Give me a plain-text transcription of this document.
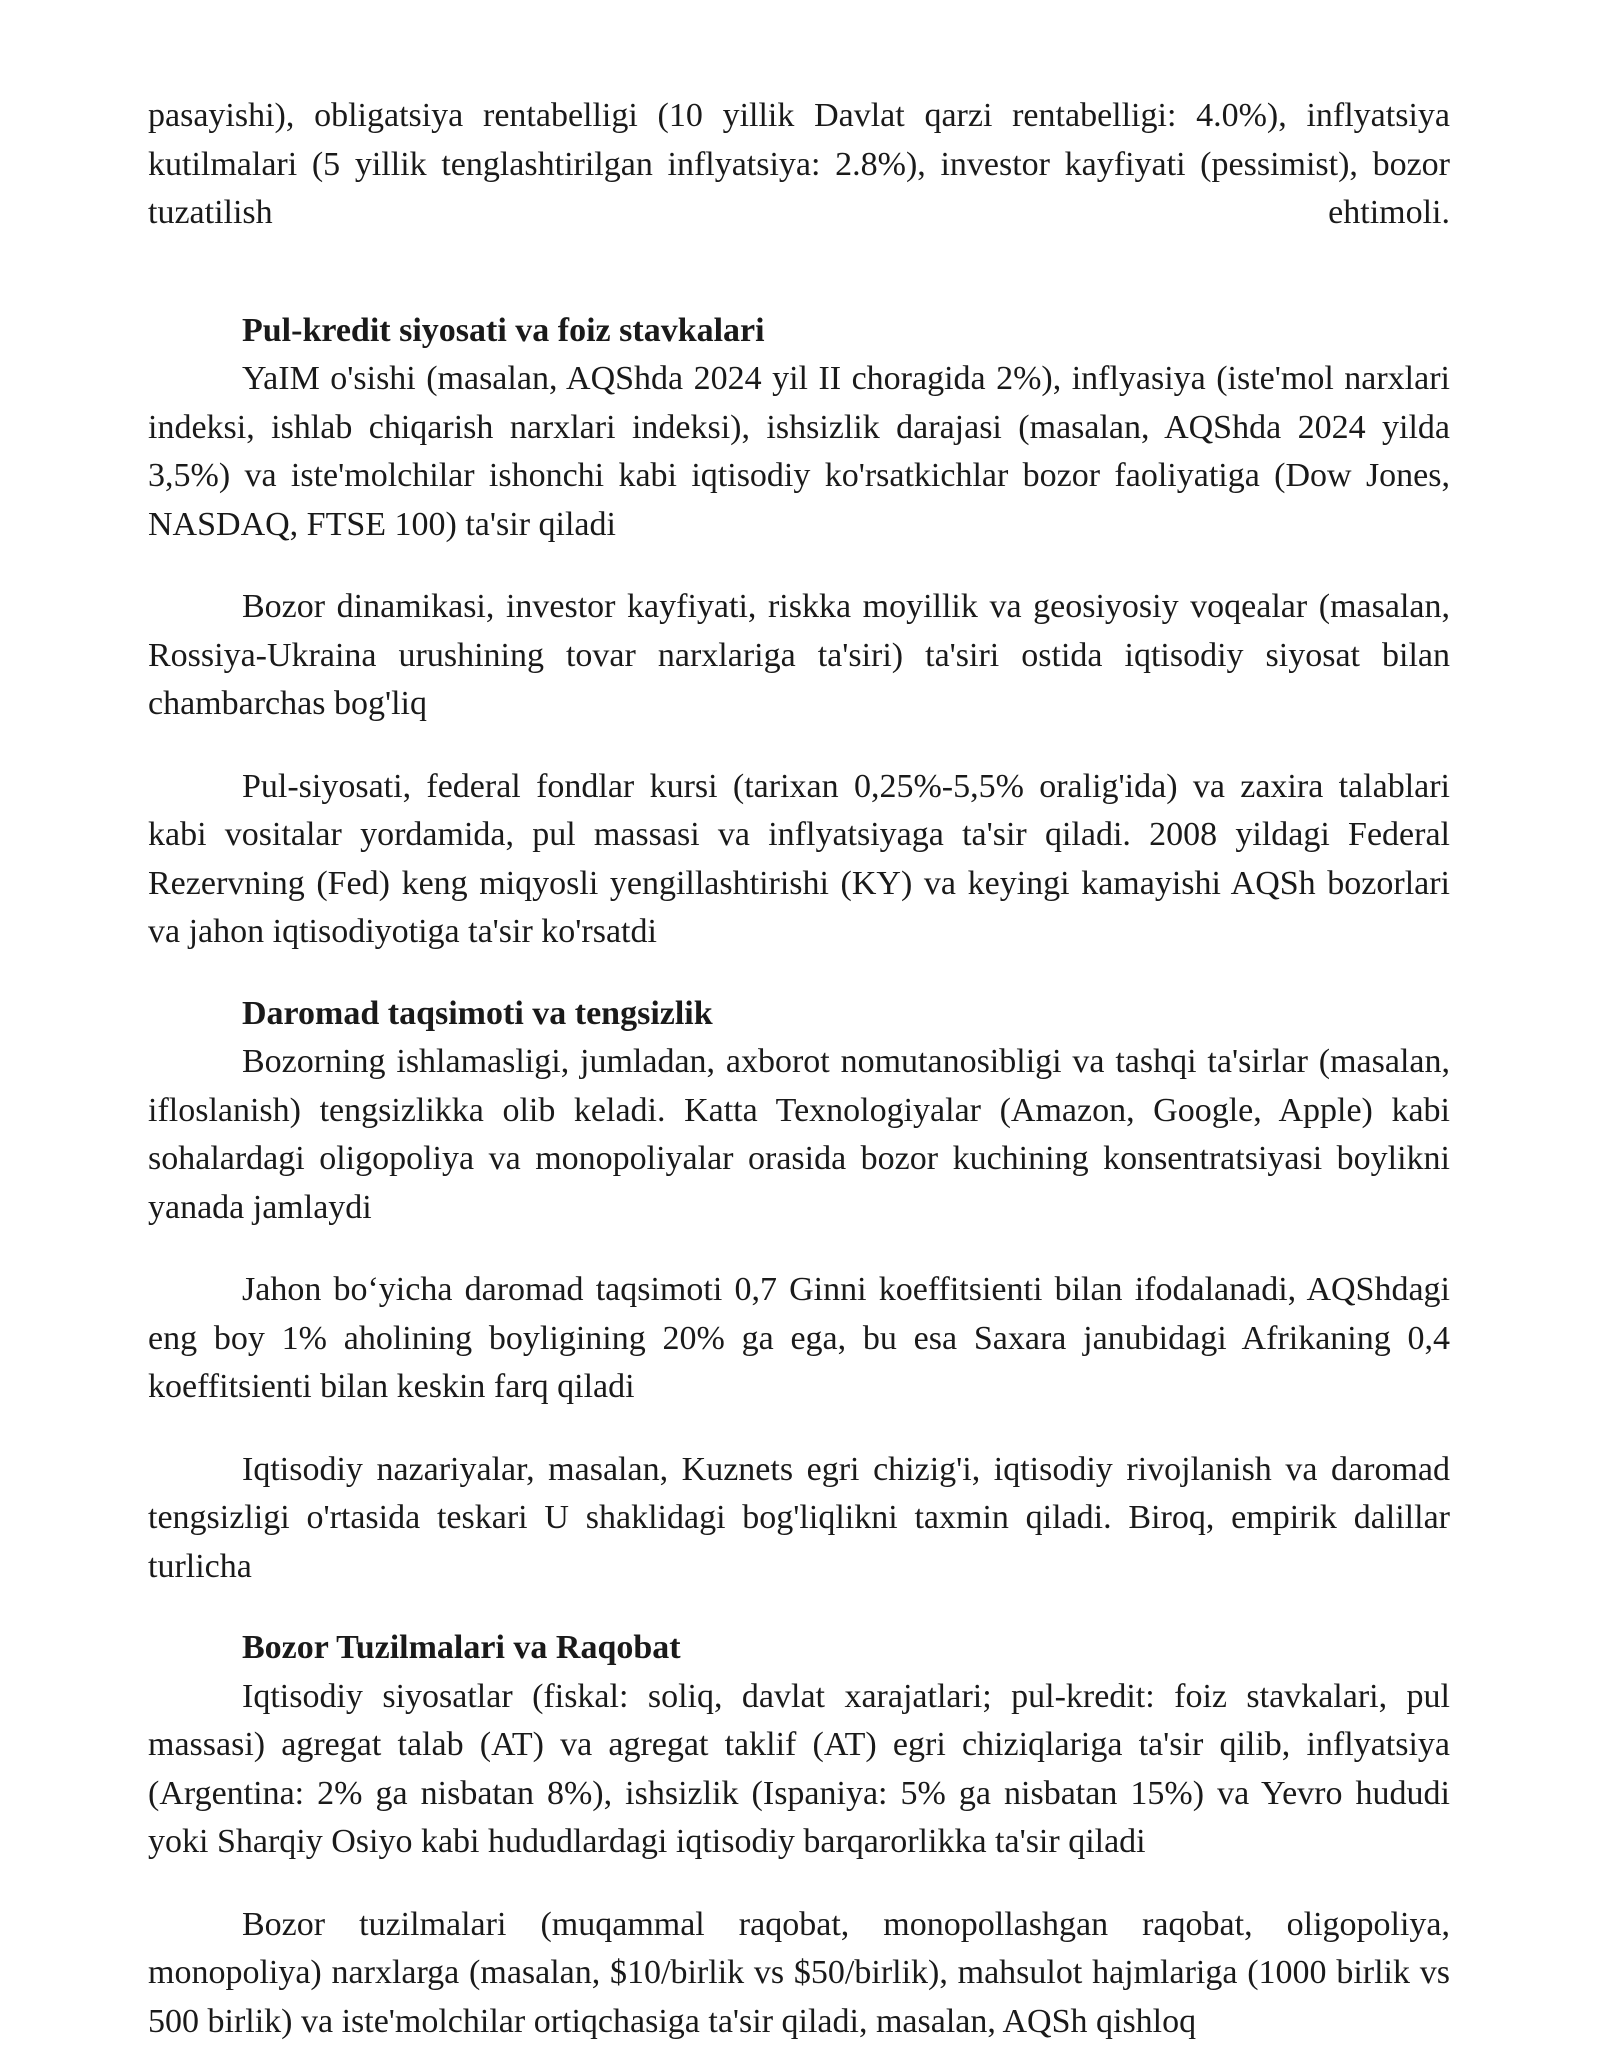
pasayishi), obligatsiya rentabelligi (10 yillik Davlat qarzi rentabelligi: 4.0%), inflyatsiya kutilmalari (5 yillik tenglashtirilgan inflyatsiya: 2.8%), investor kayfiyati (pessimist), bozor tuzatilish ehtimoli.

Pul-kredit siyosati va foiz stavkalari

YaIM o'sishi (masalan, AQShda 2024 yil II choragida 2%), inflyasiya (iste'mol narxlari indeksi, ishlab chiqarish narxlari indeksi), ishsizlik darajasi (masalan, AQShda 2024 yilda 3,5%) va iste'molchilar ishonchi kabi iqtisodiy ko'rsatkichlar bozor faoliyatiga (Dow Jones, NASDAQ, FTSE 100) ta'sir qiladi

Bozor dinamikasi, investor kayfiyati, riskka moyillik va geosiyosiy voqealar (masalan, Rossiya-Ukraina urushining tovar narxlariga ta'siri) ta'siri ostida iqtisodiy siyosat bilan chambarchas bog'liq

Pul-siyosati, federal fondlar kursi (tarixan 0,25%-5,5% oralig'ida) va zaxira talablari kabi vositalar yordamida, pul massasi va inflyatsiyaga ta'sir qiladi. 2008 yildagi Federal Rezervning (Fed) keng miqyosli yengillashtirishi (KY) va keyingi kamayishi AQSh bozorlari va jahon iqtisodiyotiga ta'sir ko'rsatdi

Daromad taqsimoti va tengsizlik

Bozorning ishlamasligi, jumladan, axborot nomutanosibligi va tashqi ta'sirlar (masalan, ifloslanish) tengsizlikka olib keladi. Katta Texnologiyalar (Amazon, Google, Apple) kabi sohalardagi oligopoliya va monopoliyalar orasida bozor kuchining konsentratsiyasi boylikni yanada jamlaydi

Jahon bo‘yicha daromad taqsimoti 0,7 Ginni koeffitsienti bilan ifodalanadi, AQShdagi eng boy 1% aholining boyligining 20% ga ega, bu esa Saxara janubidagi Afrikaning 0,4 koeffitsienti bilan keskin farq qiladi

Iqtisodiy nazariyalar, masalan, Kuznets egri chizig'i, iqtisodiy rivojlanish va daromad tengsizligi o'rtasida teskari U shaklidagi bog'liqlikni taxmin qiladi. Biroq, empirik dalillar turlicha

Bozor Tuzilmalari va Raqobat

Iqtisodiy siyosatlar (fiskal: soliq, davlat xarajatlari; pul-kredit: foiz stavkalari, pul massasi) agregat talab (AT) va agregat taklif (AT) egri chiziqlariga ta'sir qilib, inflyatsiya (Argentina: 2% ga nisbatan 8%), ishsizlik (Ispaniya: 5% ga nisbatan 15%) va Yevro hududi yoki Sharqiy Osiyo kabi hududlardagi iqtisodiy barqarorlikka ta'sir qiladi

Bozor tuzilmalari (muqammal raqobat, monopollashgan raqobat, oligopoliya, monopoliya) narxlarga (masalan, $10/birlik vs $50/birlik), mahsulot hajmlariga (1000 birlik vs 500 birlik) va iste'molchilar ortiqchasiga ta'sir qiladi, masalan, AQSh qishloq
